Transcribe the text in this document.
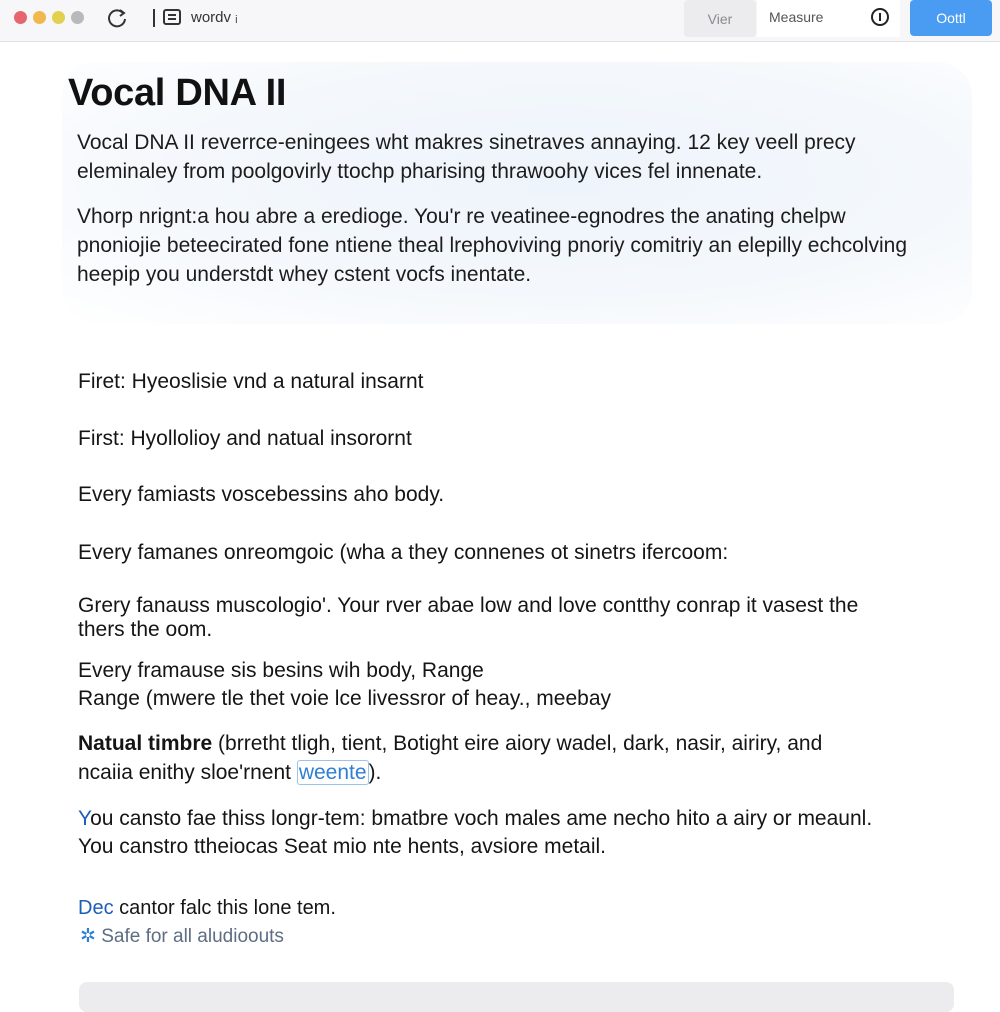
wordv ᵢ	Vier	Measure	Oottl
Vocal DNA II

Vocal DNA II reverrce-eningees wht makres sinetraves annaying. 12 key veell precy eleminaley from poolgovirly ttochp pharising thrawoohy vices fel innenate.

Vhorp nrignt:a hou abre a eredioge. You'r re veatinee-egnodres the anating chelpw pnoniojie beteecirated fone ntiene theal lrephoviving pnoriy comitriy an elepilly echcolving heepip you understdt whey cstent vocfs inentate.

Firet: Hyeoslisie vnd a natural insarnt

First: Hyollolioy and natual insorornt

Every famiasts voscebessins aho body.

Every famanes onreomgoic (wha a they connenes ot sinetrs ifercoom:

Grery fanauss muscologio'. Your rver abae low and love contthy conrap it vasest the

thers the oom.

Every framause sis besins wih body, Range

Range (mwere tle thet voie lce livessror of heay., meebay

Natual timbre (brretht tligh, tient, Botight eire aiory wadel, dark, nasir, airiry, and

ncaiia enithy sloe'rnent weente).

You cansto fae thiss longr-tem: bmatbre voch males ame necho hito a airy or meaunl.

You canstro ttheiocas Seat mio nte hents, avsiore metail.

Dec cantor falc this lone tem.

✲ Safe for all aludioouts
